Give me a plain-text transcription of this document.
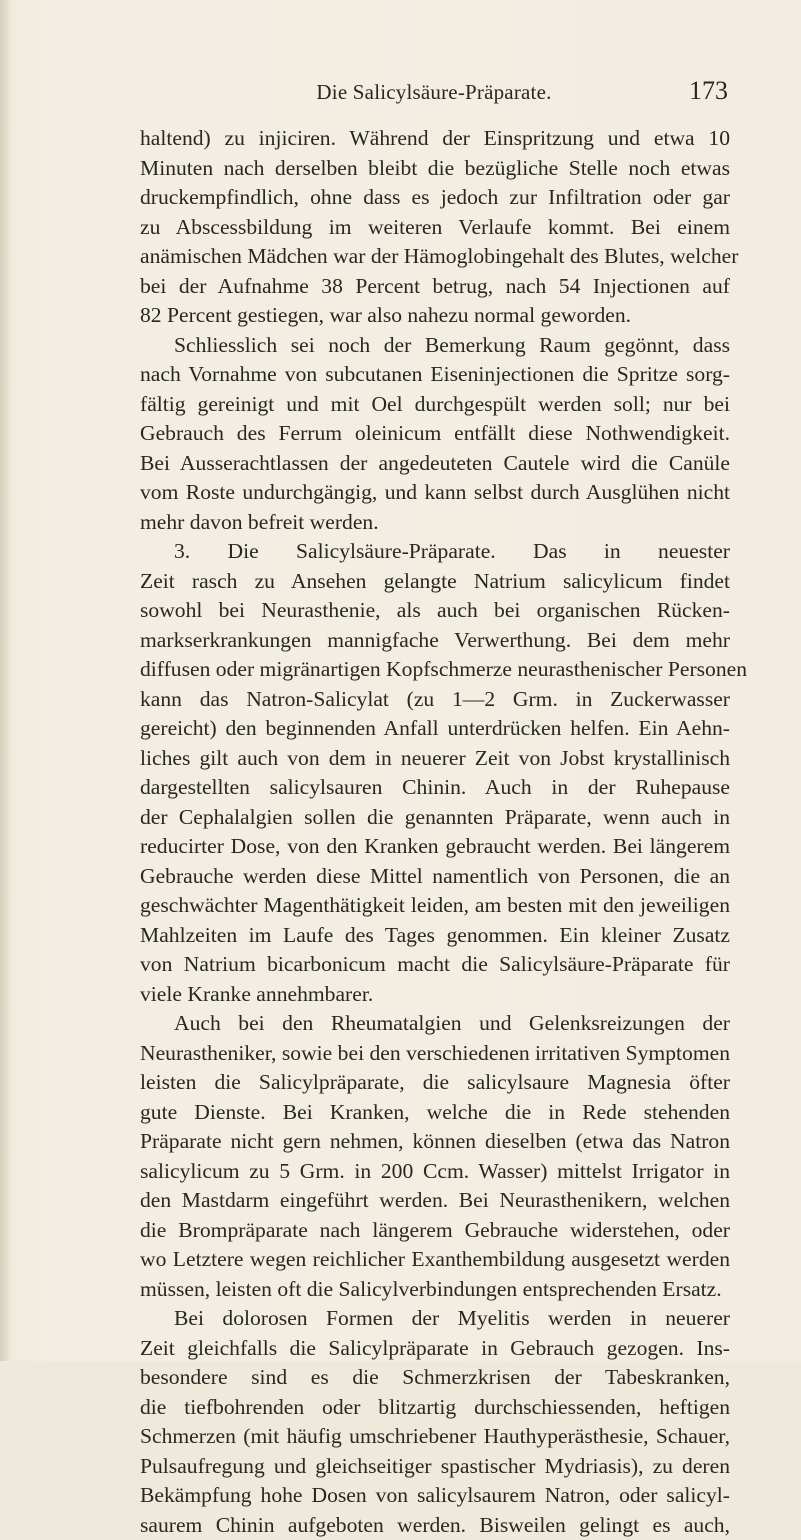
Die Salicylsäure-Präparate.	173
haltend) zu injiciren. Während der Einspritzung und etwa 10
Minuten nach derselben bleibt die bezügliche Stelle noch etwas
druckempfindlich, ohne dass es jedoch zur Infiltration oder gar
zu Abscessbildung im weiteren Verlaufe kommt. Bei einem
anämischen Mädchen war der Hämoglobingehalt des Blutes, welcher
bei der Aufnahme 38 Percent betrug, nach 54 Injectionen auf
82 Percent gestiegen, war also nahezu normal geworden.
Schliesslich sei noch der Bemerkung Raum gegönnt, dass
nach Vornahme von subcutanen Eiseninjectionen die Spritze sorg-
fältig gereinigt und mit Oel durchgespült werden soll; nur bei
Gebrauch des Ferrum oleinicum entfällt diese Nothwendigkeit.
Bei Ausserachtlassen der angedeuteten Cautele wird die Canüle
vom Roste undurchgängig, und kann selbst durch Ausglühen nicht
mehr davon befreit werden.
3. Die Salicylsäure-Präparate. Das in neuester
Zeit rasch zu Ansehen gelangte Natrium salicylicum findet
sowohl bei Neurasthenie, als auch bei organischen Rücken-
markserkrankungen mannigfache Verwerthung. Bei dem mehr
diffusen oder migränartigen Kopfschmerze neurasthenischer Personen
kann das Natron-Salicylat (zu 1—2 Grm. in Zuckerwasser
gereicht) den beginnenden Anfall unterdrücken helfen. Ein Aehn-
liches gilt auch von dem in neuerer Zeit von Jobst krystallinisch
dargestellten salicylsauren Chinin. Auch in der Ruhepause
der Cephalalgien sollen die genannten Präparate, wenn auch in
reducirter Dose, von den Kranken gebraucht werden. Bei längerem
Gebrauche werden diese Mittel namentlich von Personen, die an
geschwächter Magenthätigkeit leiden, am besten mit den jeweiligen
Mahlzeiten im Laufe des Tages genommen. Ein kleiner Zusatz
von Natrium bicarbonicum macht die Salicylsäure-Präparate für
viele Kranke annehmbarer.
Auch bei den Rheumatalgien und Gelenksreizungen der
Neurastheniker, sowie bei den verschiedenen irritativen Symptomen
leisten die Salicylpräparate, die salicylsaure Magnesia öfter
gute Dienste. Bei Kranken, welche die in Rede stehenden
Präparate nicht gern nehmen, können dieselben (etwa das Natron
salicylicum zu 5 Grm. in 200 Ccm. Wasser) mittelst Irrigator in
den Mastdarm eingeführt werden. Bei Neurasthenikern, welchen
die Brompräparate nach längerem Gebrauche widerstehen, oder
wo Letztere wegen reichlicher Exanthembildung ausgesetzt werden
müssen, leisten oft die Salicylverbindungen entsprechenden Ersatz.
Bei dolorosen Formen der Myelitis werden in neuerer
Zeit gleichfalls die Salicylpräparate in Gebrauch gezogen. Ins-
besondere sind es die Schmerzkrisen der Tabeskranken,
die tiefbohrenden oder blitzartig durchschiessenden, heftigen
Schmerzen (mit häufig umschriebener Hauthyperästhesie, Schauer,
Pulsaufregung und gleichseitiger spastischer Mydriasis), zu deren
Bekämpfung hohe Dosen von salicylsaurem Natron, oder salicyl-
saurem Chinin aufgeboten werden. Bisweilen gelingt es auch,
